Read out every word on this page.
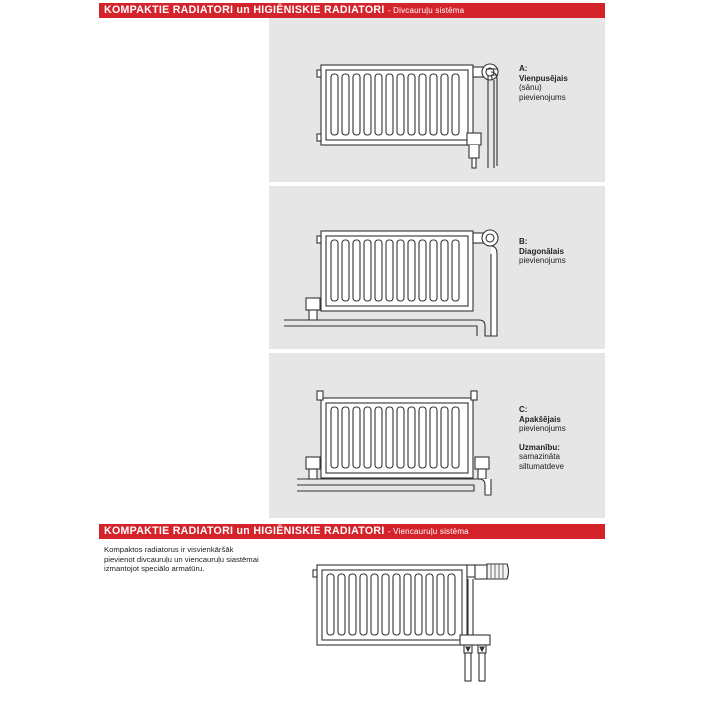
KOMPAKTIE RADIATORI un HIGIĒNISKIE RADIATORI - Divcauruļu sistēma
A:
Vienpusējais
(sānu)
pievienojums
B:
Diagonālais
pievienojums
C:
Apakšējais
pievienojums
Uzmanību:
samazināta
siltumatdeve
KOMPAKTIE RADIATORI un HIGIĒNISKIE RADIATORI - Viencauruļu sistēma
Kompaktos radiatorus ir visvienkāršāk pievienot divcauruļu un viencauruļu siastēmai izmantojot speciālo armatūru.
